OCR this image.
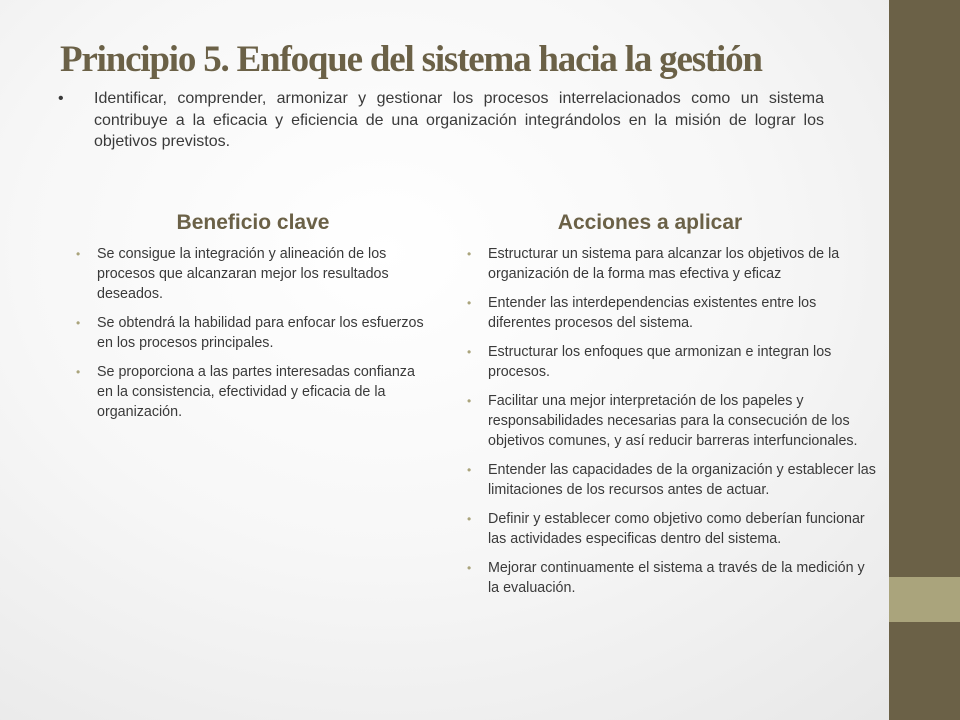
Principio 5. Enfoque del sistema hacia la gestión
• Identificar, comprender, armonizar y gestionar los procesos interrelacionados como un sistema contribuye a la eficacia y eficiencia de una organización integrándolos en la misión de lograr los objetivos previstos.

Beneficio clave
• Se consigue la integración y alineación de los procesos que alcanzaran mejor los resultados deseados.
• Se obtendrá la habilidad para enfocar los esfuerzos en los procesos principales.
• Se proporciona a las partes interesadas confianza en la consistencia, efectividad y eficacia de la organización.
Acciones a aplicar
• Estructurar un sistema para alcanzar los objetivos de la organización de la forma mas efectiva y eficaz
• Entender las interdependencias existentes entre los diferentes procesos del sistema.
• Estructurar los enfoques que armonizan e integran los procesos.
• Facilitar una mejor interpretación de los papeles y responsabilidades necesarias para la consecución de los objetivos comunes, y así reducir barreras interfuncionales.
• Entender las capacidades de la organización y establecer las limitaciones de los recursos antes de actuar.
• Definir y establecer como objetivo como deberían funcionar las actividades especificas dentro del sistema.
• Mejorar continuamente el sistema a través de la medición y la evaluación.
